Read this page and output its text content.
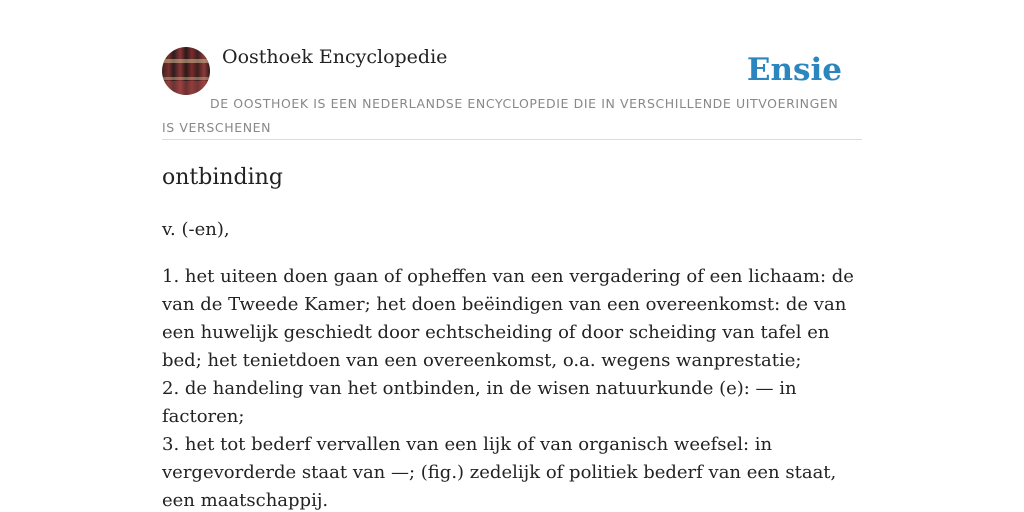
Oosthoek Encyclopedie	Ensie
DE OOSTHOEK IS EEN NEDERLANDSE ENCYCLOPEDIE DIE IN VERSCHILLENDE UITVOERINGEN IS VERSCHENEN
ontbinding

v. (-en),

1. het uiteen doen gaan of opheffen van een vergadering of een lichaam: de van de Tweede Kamer; het doen beëindigen van een overeenkomst: de van een huwelijk geschiedt door echtscheiding of door scheiding van tafel en bed; het tenietdoen van een overeenkomst, o.a. wegens wanprestatie;
2. de handeling van het ontbinden, in de wisen natuurkunde (e): — in factoren;
3. het tot bederf vervallen van een lijk of van organisch weefsel: in vergevorderde staat van —; (fig.) zedelijk of politiek bederf van een staat, een maatschappij.
